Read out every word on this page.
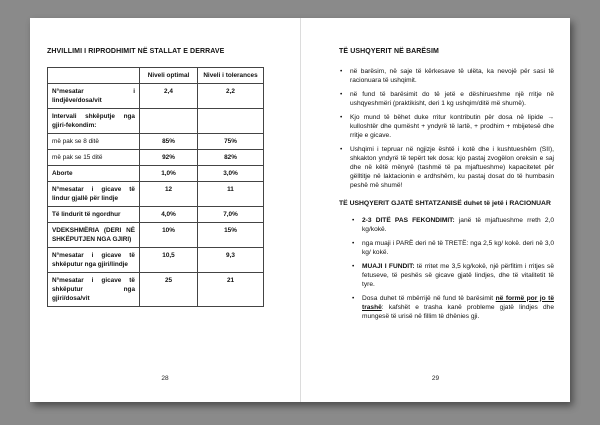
ZHVILLIMI I RIPRODHIMIT NË STALLAT E DERRAVE
	Niveli optimal	Niveli i tolerances
N°mesatar i lindjëve/dosa/vit	2,4	2,2
Intervali shkëputje nga gjiri-fekondim:		
më pak se 8 ditë	85%	75%
më pak se 15 ditë	92%	82%
Aborte	1,0%	3,0%
N°mesatar i gicave të lindur gjallë për lindje	12	11
Të lindurit të ngordhur	4,0%	7,0%
VDEKSHMËRIA (DERI NË SHKËPUTJEN NGA GJIRI)	10%	15%
N°mesatar i gicave të shkëputur nga gjiri/lindje	10,5	9,3
N°mesatar i gicave të shkëputur nga gjiri/dosa/vit	25	21
28
TË USHQYERIT NË BARËSIM
• në barësim, në saje të kërkesave të ulëta, ka nevojë për sasi të racionuara të ushqimit.
• në fund të barësimit do të jetë e dëshirueshme një rritje në ushqyeshmëri (praktikisht, deri 1 kg ushqim/ditë më shumë).
• Kjo mund të bëhet duke rritur kontributin për dosa në lipide → kulloshtër dhe qumësht + yndyrë të lartë, + prodhim + mbijetesë dhe rritje e gicave.
• Ushqimi i tepruar në ngjizje është i kotë dhe i kushtueshëm (SII), shkakton yndyrë të tepërt tek dosa: kjo pastaj zvogëlon oreksin e saj dhe në këtë mënyrë (tashmë të pa mjaftueshme) kapacitetet për gëlltitje në laktacionin e ardhshëm, ku pastaj dosat do të humbasin peshë më shumë!
TË USHQYERIT GJATË SHTATZANISË duhet të jetë i RACIONUAR
• 2-3 DITË PAS FEKONDIMIT: janë të mjaftueshme rreth 2,0 kg/kokë.
• nga muaji i PARË deri në të TRETË: nga 2,5 kg/ kokë. deri në 3,0 kg/ kokë.
• MUAJI I FUNDIT: të rritet me 3,5 kg/kokë, një përfitim i rritjes së fetuseve, të peshës së gicave gjatë lindjes, dhe të vitalitetit të tyre.
• Dosa duhet të mbërrijë në fund të barësimit në formë por jo të trashë: kafshët e trasha kanë probleme gjatë lindjes dhe mungesë të urisë në fillim të dhënies gji.
29
